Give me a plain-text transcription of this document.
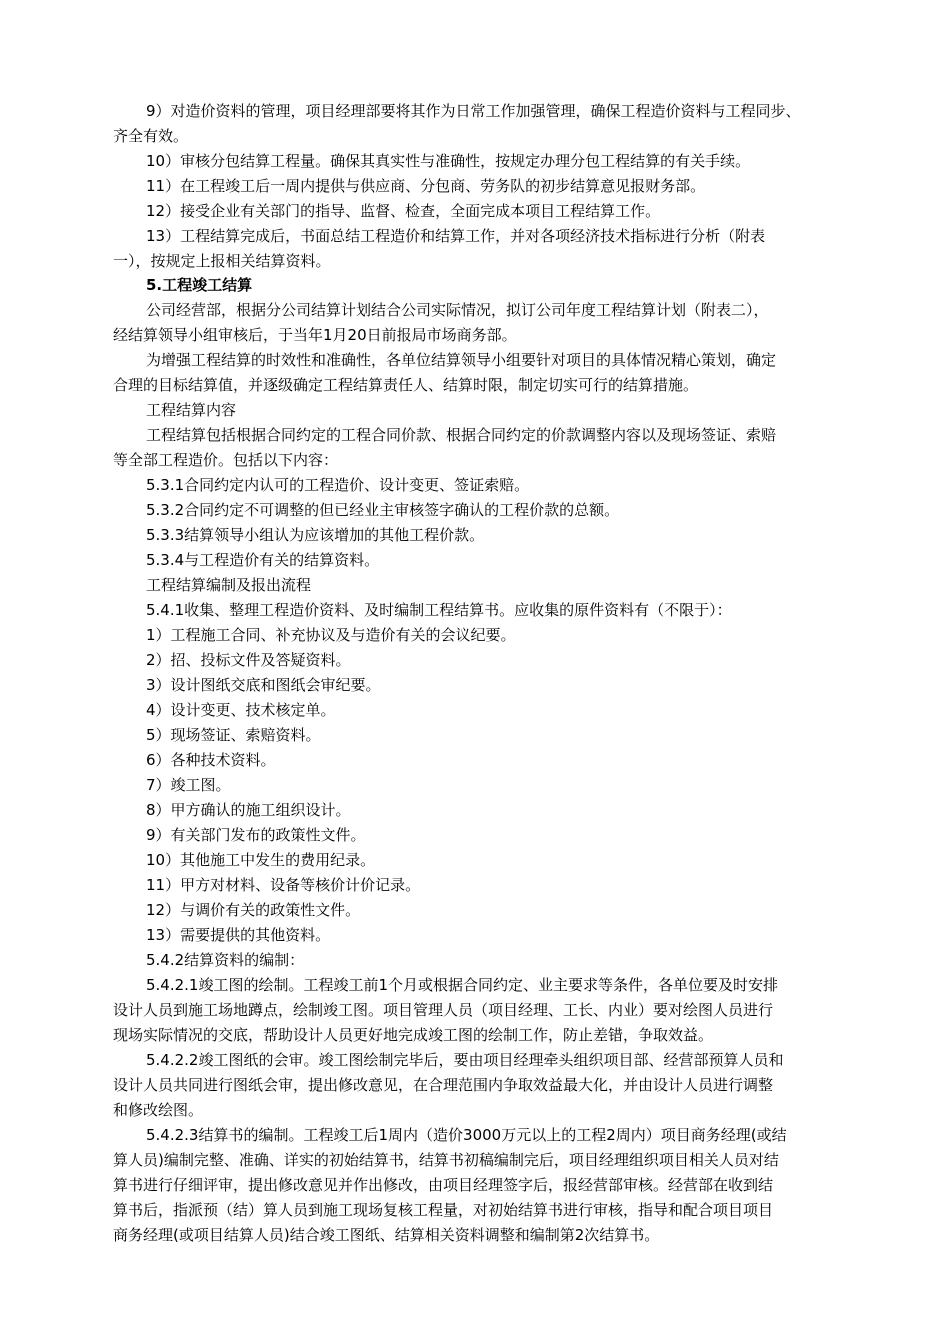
9）对造价资料的管理，项目经理部要将其作为日常工作加强管理，确保工程造价资料与工程同步、
齐全有效。
10）审核分包结算工程量。确保其真实性与准确性，按规定办理分包工程结算的有关手续。
11）在工程竣工后一周内提供与供应商、分包商、劳务队的初步结算意见报财务部。
12）接受企业有关部门的指导、监督、检查，全面完成本项目工程结算工作。
13）工程结算完成后，书面总结工程造价和结算工作，并对各项经济技术指标进行分析（附表
一），按规定上报相关结算资料。
5.工程竣工结算
公司经营部，根据分公司结算计划结合公司实际情况，拟订公司年度工程结算计划（附表二），
经结算领导小组审核后，于当年1月20日前报局市场商务部。
为增强工程结算的时效性和准确性，各单位结算领导小组要针对项目的具体情况精心策划，确定
合理的目标结算值，并逐级确定工程结算责任人、结算时限，制定切实可行的结算措施。
工程结算内容
工程结算包括根据合同约定的工程合同价款、根据合同约定的价款调整内容以及现场签证、索赔
等全部工程造价。包括以下内容：
5.3.1合同约定内认可的工程造价、设计变更、签证索赔。
5.3.2合同约定不可调整的但已经业主审核签字确认的工程价款的总额。
5.3.3结算领导小组认为应该增加的其他工程价款。
5.3.4与工程造价有关的结算资料。
工程结算编制及报出流程
5.4.1收集、整理工程造价资料、及时编制工程结算书。应收集的原件资料有（不限于）：
1）工程施工合同、补充协议及与造价有关的会议纪要。
2）招、投标文件及答疑资料。
3）设计图纸交底和图纸会审纪要。
4）设计变更、技术核定单。
5）现场签证、索赔资料。
6）各种技术资料。
7）竣工图。
8）甲方确认的施工组织设计。
9）有关部门发布的政策性文件。
10）其他施工中发生的费用纪录。
11）甲方对材料、设备等核价计价记录。
12）与调价有关的政策性文件。
13）需要提供的其他资料。
5.4.2结算资料的编制：
5.4.2.1竣工图的绘制。工程竣工前1个月或根据合同约定、业主要求等条件，各单位要及时安排
设计人员到施工场地蹲点，绘制竣工图。项目管理人员（项目经理、工长、内业）要对绘图人员进行
现场实际情况的交底，帮助设计人员更好地完成竣工图的绘制工作，防止差错，争取效益。
5.4.2.2竣工图纸的会审。竣工图绘制完毕后，要由项目经理牵头组织项目部、经营部预算人员和
设计人员共同进行图纸会审，提出修改意见，在合理范围内争取效益最大化，并由设计人员进行调整
和修改绘图。
5.4.2.3结算书的编制。工程竣工后1周内（造价3000万元以上的工程2周内）项目商务经理(或结
算人员)编制完整、准确、详实的初始结算书，结算书初稿编制完后，项目经理组织项目相关人员对结
算书进行仔细评审，提出修改意见并作出修改，由项目经理签字后，报经营部审核。经营部在收到结
算书后，指派预（结）算人员到施工现场复核工程量，对初始结算书进行审核，指导和配合项目项目
商务经理(或项目结算人员)结合竣工图纸、结算相关资料调整和编制第2次结算书。
